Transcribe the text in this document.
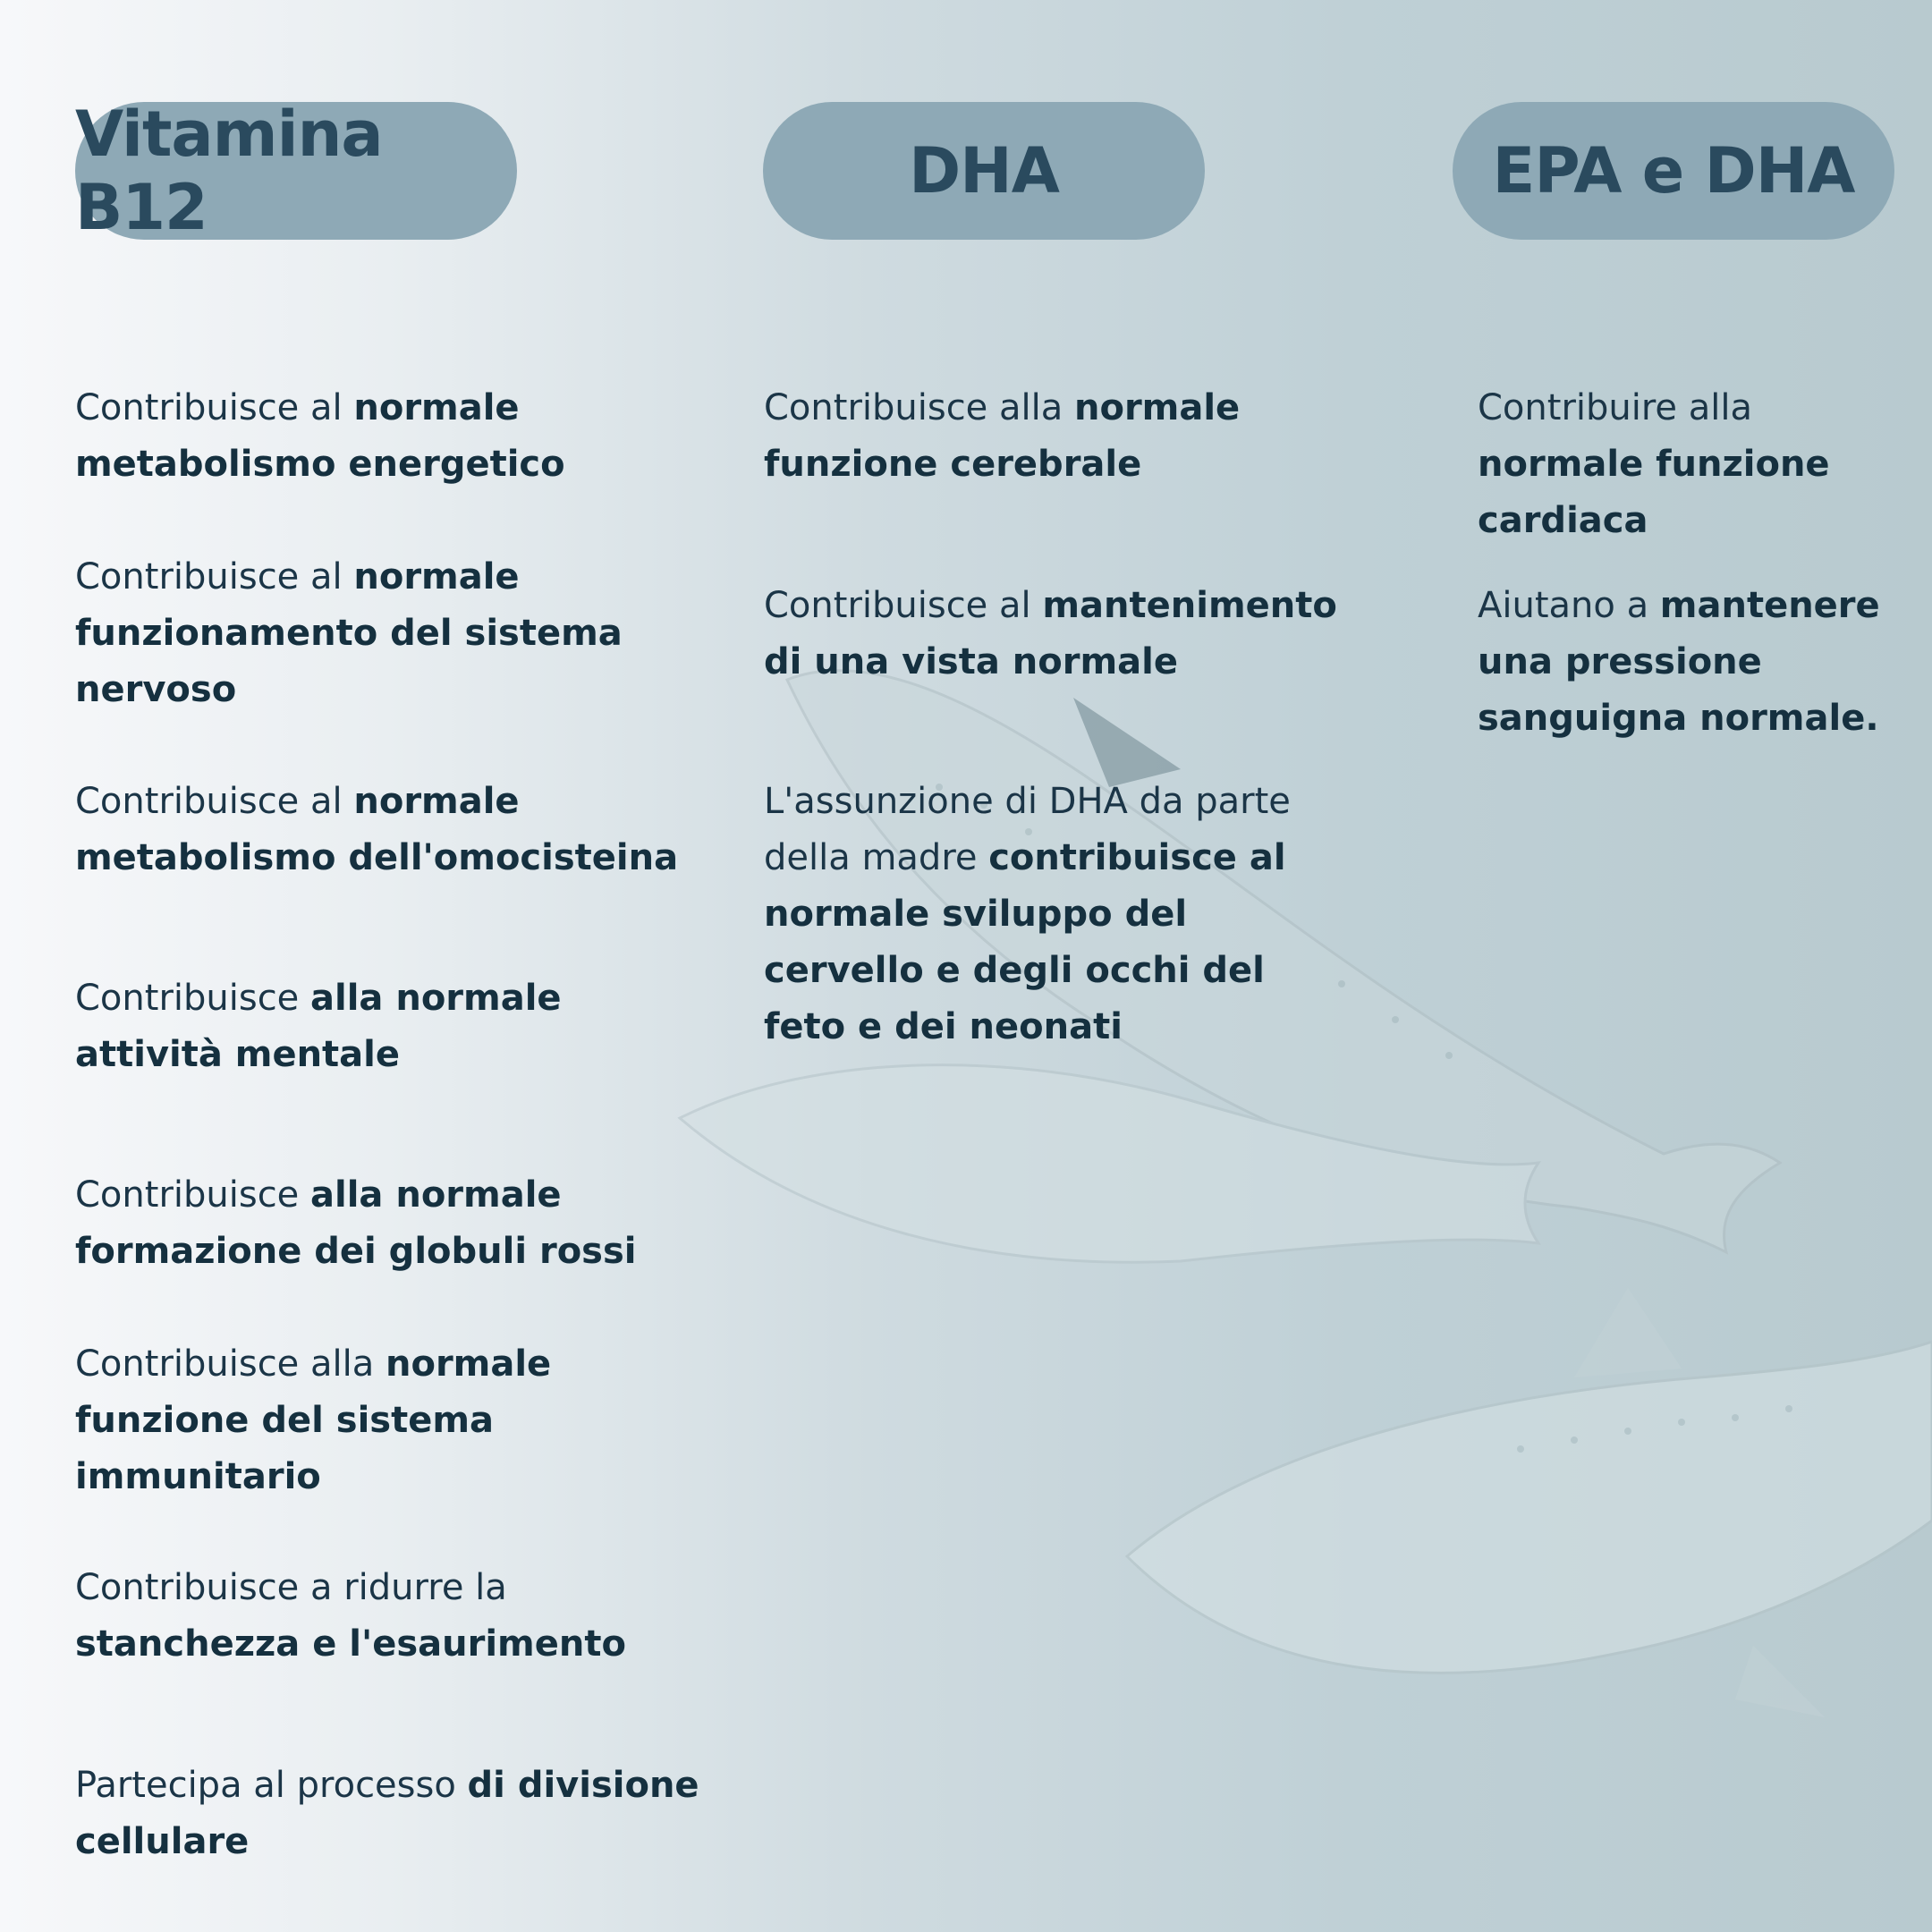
Vitamina B12	DHA	EPA e DHA
Contribuisce al normale metabolismo energetico
Contribuisce al normale funzionamento del sistema nervoso
Contribuisce al normale metabolismo dell'omocisteina
Contribuisce alla normale attività mentale
Contribuisce alla normale formazione dei globuli rossi
Contribuisce alla normale funzione del sistema immunitario
Contribuisce a ridurre la stanchezza e l'esaurimento
Partecipa al processo di divisione cellulare
Contribuisce alla normale funzione cerebrale
Contribuisce al mantenimento di una vista normale
L'assunzione di DHA da parte della madre contribuisce al normale sviluppo del cervello e degli occhi del feto e dei neonati
Contribuire alla normale funzione cardiaca
Aiutano a mantenere una pressione sanguigna normale.
